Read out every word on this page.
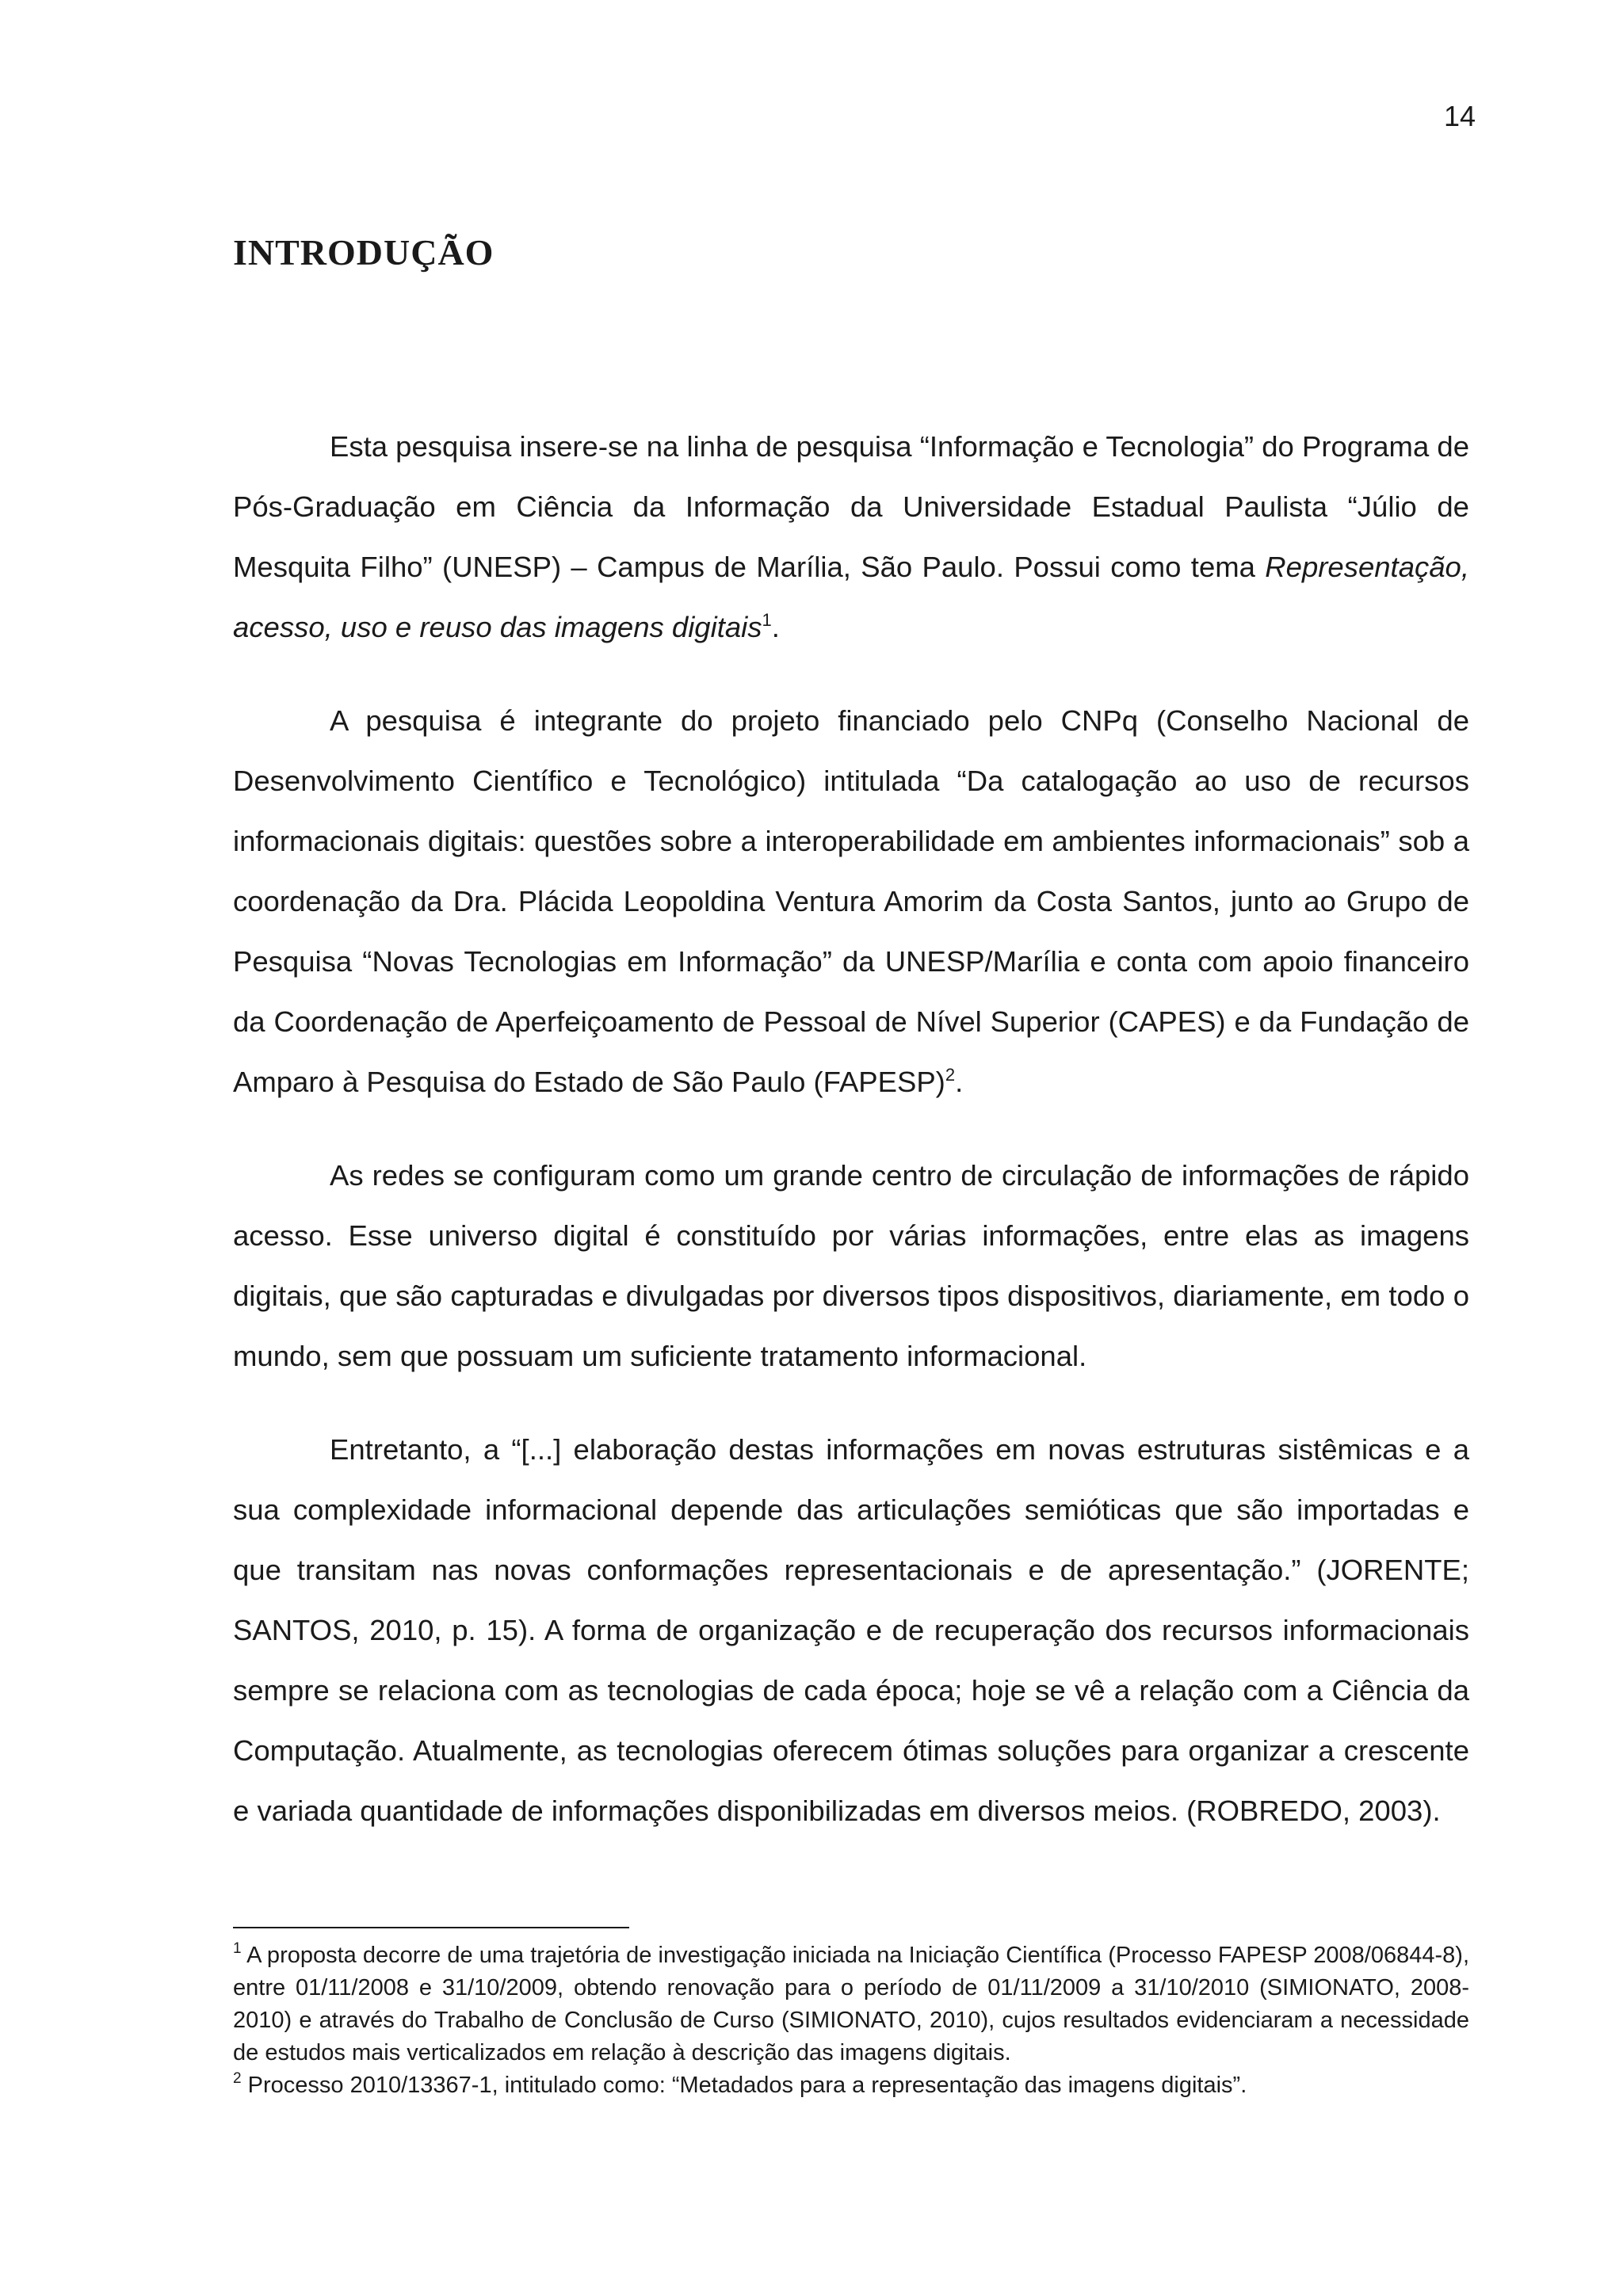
14
INTRODUÇÃO

Esta pesquisa insere-se na linha de pesquisa “Informação e Tecnologia” do Programa de Pós-Graduação em Ciência da Informação da Universidade Estadual Paulista “Júlio de Mesquita Filho” (UNESP) – Campus de Marília, São Paulo. Possui como tema Representação, acesso, uso e reuso das imagens digitais$^1$.

A pesquisa é integrante do projeto financiado pelo CNPq (Conselho Nacional de Desenvolvimento Científico e Tecnológico) intitulada “Da catalogação ao uso de recursos informacionais digitais: questões sobre a interoperabilidade em ambientes informacionais” sob a coordenação da Dra. Plácida Leopoldina Ventura Amorim da Costa Santos, junto ao Grupo de Pesquisa “Novas Tecnologias em Informação” da UNESP/Marília e conta com apoio financeiro da Coordenação de Aperfeiçoamento de Pessoal de Nível Superior (CAPES) e da Fundação de Amparo à Pesquisa do Estado de São Paulo (FAPESP)$^2$.

As redes se configuram como um grande centro de circulação de informações de rápido acesso. Esse universo digital é constituído por várias informações, entre elas as imagens digitais, que são capturadas e divulgadas por diversos tipos dispositivos, diariamente, em todo o mundo, sem que possuam um suficiente tratamento informacional.

Entretanto, a “[...] elaboração destas informações em novas estruturas sistêmicas e a sua complexidade informacional depende das articulações semióticas que são importadas e que transitam nas novas conformações representacionais e de apresentação.” (JORENTE; SANTOS, 2010, p. 15). A forma de organização e de recuperação dos recursos informacionais sempre se relaciona com as tecnologias de cada época; hoje se vê a relação com a Ciência da Computação. Atualmente, as tecnologias oferecem ótimas soluções para organizar a crescente e variada quantidade de informações disponibilizadas em diversos meios. (ROBREDO, 2003).

$^1$ A proposta decorre de uma trajetória de investigação iniciada na Iniciação Científica (Processo FAPESP 2008/06844-8), entre 01/11/2008 e 31/10/2009, obtendo renovação para o período de 01/11/2009 a 31/10/2010 (SIMIONATO, 2008-2010) e através do Trabalho de Conclusão de Curso (SIMIONATO, 2010), cujos resultados evidenciaram a necessidade de estudos mais verticalizados em relação à descrição das imagens digitais.

$^2$ Processo 2010/13367-1, intitulado como: “Metadados para a representação das imagens digitais”.
